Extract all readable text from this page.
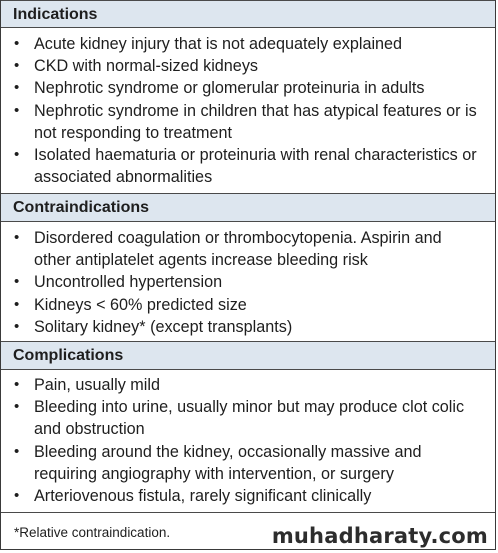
Indications
• Acute kidney injury that is not adequately explained
• CKD with normal-sized kidneys
• Nephrotic syndrome or glomerular proteinuria in adults
• Nephrotic syndrome in children that has atypical features or is not responding to treatment
• Isolated haematuria or proteinuria with renal characteristics or associated abnormalities
Contraindications
• Disordered coagulation or thrombocytopenia. Aspirin and other antiplatelet agents increase bleeding risk
• Uncontrolled hypertension
• Kidneys < 60% predicted size
• Solitary kidney* (except transplants)
Complications
• Pain, usually mild
• Bleeding into urine, usually minor but may produce clot colic and obstruction
• Bleeding around the kidney, occasionally massive and requiring angiography with intervention, or surgery
• Arteriovenous fistula, rarely significant clinically
*Relative contraindication.	muhadharaty.com
